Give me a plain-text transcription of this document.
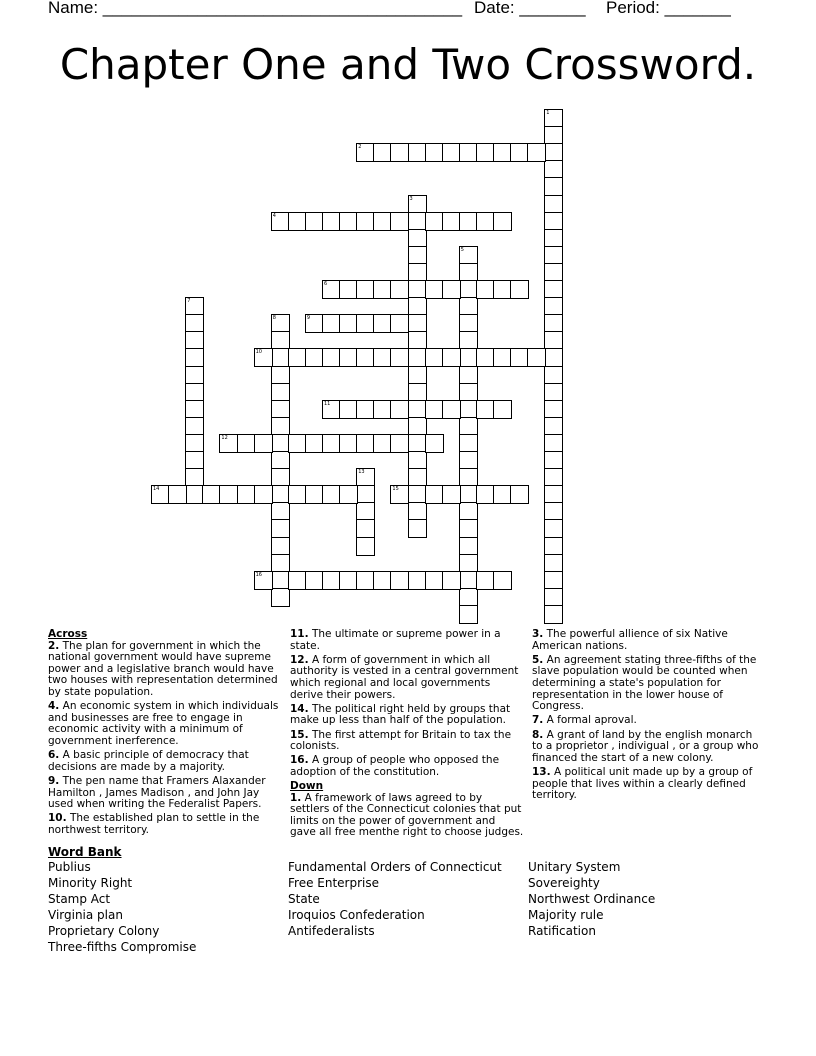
Name: ______________________________________ Date: _______ Period: _______
Chapter One and Two Crossword.
1
2
3
4
5
6
7
8	9
10
11
12
13
14	15
16
Across
2. The plan for government in which the national government would have supreme power and a legislative branch would have two houses with representation determined by state population.
4. An economic system in which individuals and businesses are free to engage in economic activity with a minimum of government inerference.
6. A basic principle of democracy that decisions are made by a majority.
9. The pen name that Framers Alaxander Hamilton , James Madison , and John Jay used when writing the Federalist Papers.
10. The established plan to settle in the northwest territory.
11. The ultimate or supreme power in a state.
12. A form of government in which all authority is vested in a central government which regional and local governments derive their powers.
14. The political right held by groups that make up less than half of the population.
15. The first attempt for Britain to tax the colonists.
16. A group of people who opposed the adoption of the constitution.
Down
1. A framework of laws agreed to by settlers of the Connecticut colonies that put limits on the power of government and gave all free menthe right to choose judges.
3. The powerful allience of six Native American nations.
5. An agreement stating three-fifths of the slave population would be counted when determining a state's population for representation in the lower house of Congress.
7. A formal aproval.
8. A grant of land by the english monarch to a proprietor , indivigual , or a group who financed the start of a new colony.
13. A political unit made up by a group of people that lives within a clearly defined territory.
Word Bank
Publius
Minority Right
Stamp Act
Virginia plan
Proprietary Colony
Three-fifths Compromise
Fundamental Orders of Connecticut
Free Enterprise
State
Iroquios Confederation
Antifederalists
Unitary System
Sovereighty
Northwest Ordinance
Majority rule
Ratification
